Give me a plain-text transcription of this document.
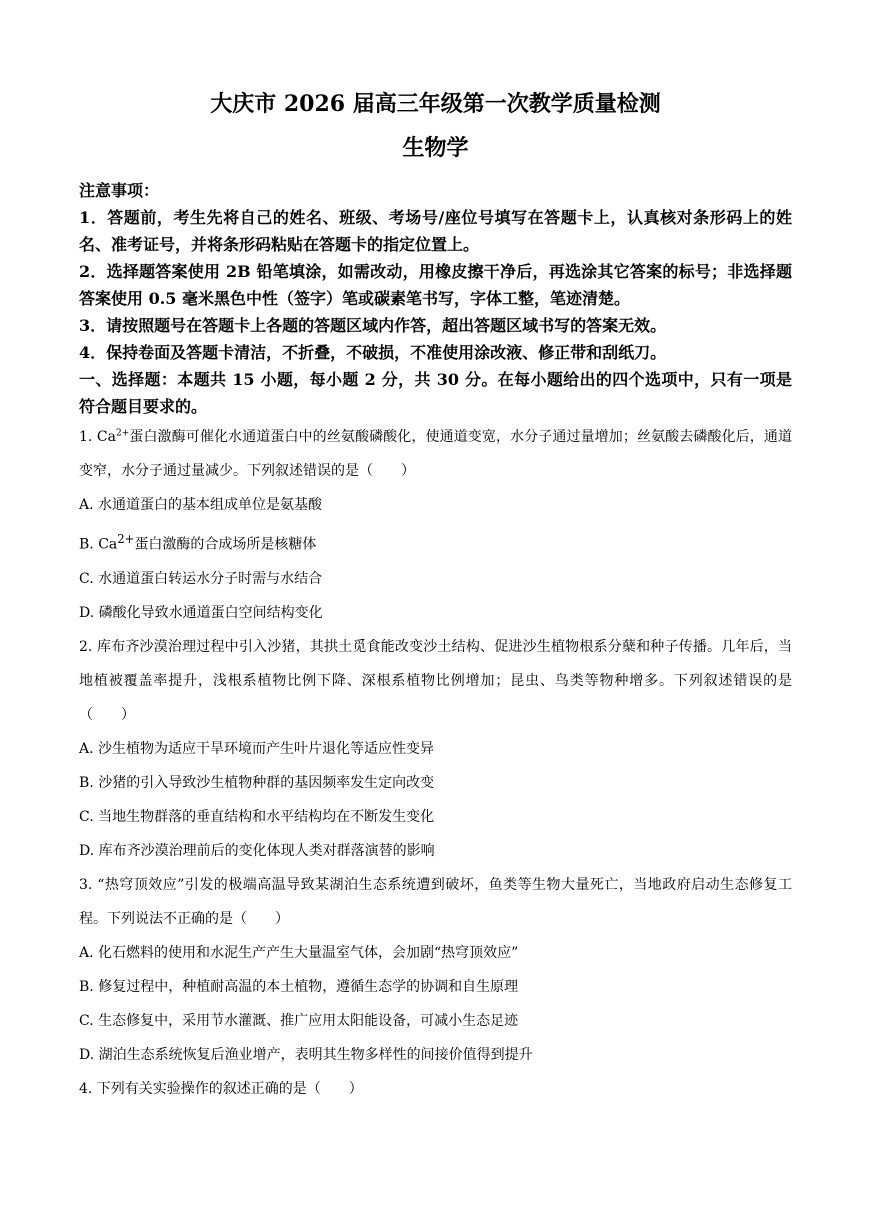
大庆市 2026 届高三年级第一次教学质量检测
生物学

注意事项：

1．答题前，考生先将自己的姓名、班级、考场号/座位号填写在答题卡上，认真核对条形码上的姓名、准考证号，并将条形码粘贴在答题卡的指定位置上。

2．选择题答案使用 2B 铅笔填涂，如需改动，用橡皮擦干净后，再选涂其它答案的标号；非选择题答案使用 0.5 毫米黑色中性（签字）笔或碳素笔书写，字体工整，笔迹清楚。

3．请按照题号在答题卡上各题的答题区域内作答，超出答题区域书写的答案无效。

4．保持卷面及答题卡清洁，不折叠，不破损，不准使用涂改液、修正带和刮纸刀。

一、选择题：本题共 15 小题，每小题 2 分，共 30 分。在每小题给出的四个选项中，只有一项是符合题目要求的。

1. $Ca^{2+}$蛋白激酶可催化水通道蛋白中的丝氨酸磷酸化，使通道变宽，水分子通过量增加；丝氨酸去磷酸化后，通道变窄，水分子通过量减少。下列叙述错误的是（　　）

A. 水通道蛋白的基本组成单位是氨基酸

B. $Ca^{2+}$蛋白激酶的合成场所是核糖体

C. 水通道蛋白转运水分子时需与水结合

D. 磷酸化导致水通道蛋白空间结构变化

2. 库布齐沙漠治理过程中引入沙猪，其拱土觅食能改变沙土结构、促进沙生植物根系分蘖和种子传播。几年后，当地植被覆盖率提升，浅根系植物比例下降、深根系植物比例增加；昆虫、鸟类等物种增多。下列叙述错误的是（　　）

A. 沙生植物为适应干旱环境而产生叶片退化等适应性变异

B. 沙猪的引入导致沙生植物种群的基因频率发生定向改变

C. 当地生物群落的垂直结构和水平结构均在不断发生变化

D. 库布齐沙漠治理前后的变化体现人类对群落演替的影响

3. “热穹顶效应”引发的极端高温导致某湖泊生态系统遭到破坏，鱼类等生物大量死亡，当地政府启动生态修复工程。下列说法不正确的是（　　）

A. 化石燃料的使用和水泥生产产生大量温室气体，会加剧“热穹顶效应”

B. 修复过程中，种植耐高温的本土植物，遵循生态学的协调和自生原理

C. 生态修复中，采用节水灌溉、推广应用太阳能设备，可减小生态足迹

D. 湖泊生态系统恢复后渔业增产，表明其生物多样性的间接价值得到提升

4. 下列有关实验操作的叙述正确的是（　　）
